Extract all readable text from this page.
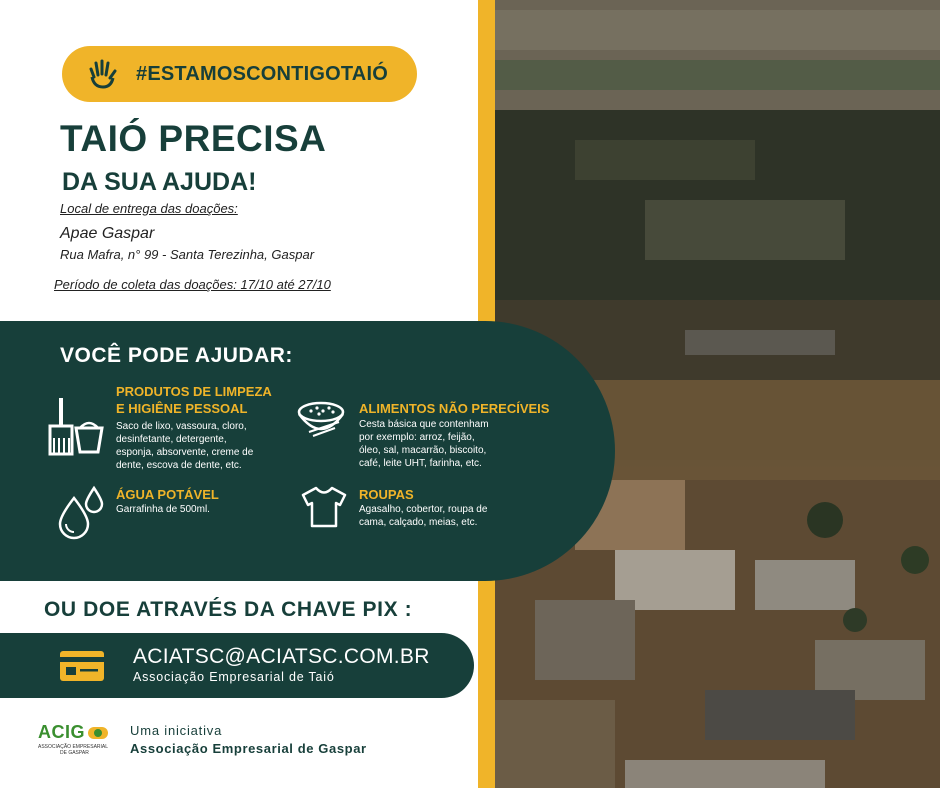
#ESTAMOSCONTIGOTAIÓ
TAIÓ PRECISA
DA SUA AJUDA!
Local de entrega das doações:
Apae Gaspar
Rua Mafra, n° 99 - Santa Terezinha, Gaspar
Período de coleta das doações: 17/10 até 27/10
VOCÊ PODE AJUDAR:
PRODUTOS DE LIMPEZA
E HIGIÊNE PESSOAL
Saco de lixo, vassoura, cloro,
desinfetante, detergente,
esponja, absorvente, creme de
dente, escova de dente, etc.
ALIMENTOS NÃO PERECÍVEIS
Cesta básica que contenham
por exemplo: arroz, feijão,
óleo, sal, macarrão, biscoito,
café, leite UHT, farinha, etc.
ÁGUA POTÁVEL
Garrafinha de 500ml.
ROUPAS
Agasalho, cobertor, roupa de
cama, calçado, meias, etc.
OU DOE ATRAVÉS DA CHAVE PIX :
ACIATSC@ACIATSC.COM.BR
Associação Empresarial de Taió
ACIG
ASSOCIAÇÃO EMPRESARIAL
DE GASPAR
Uma iniciativa
Associação Empresarial de Gaspar
